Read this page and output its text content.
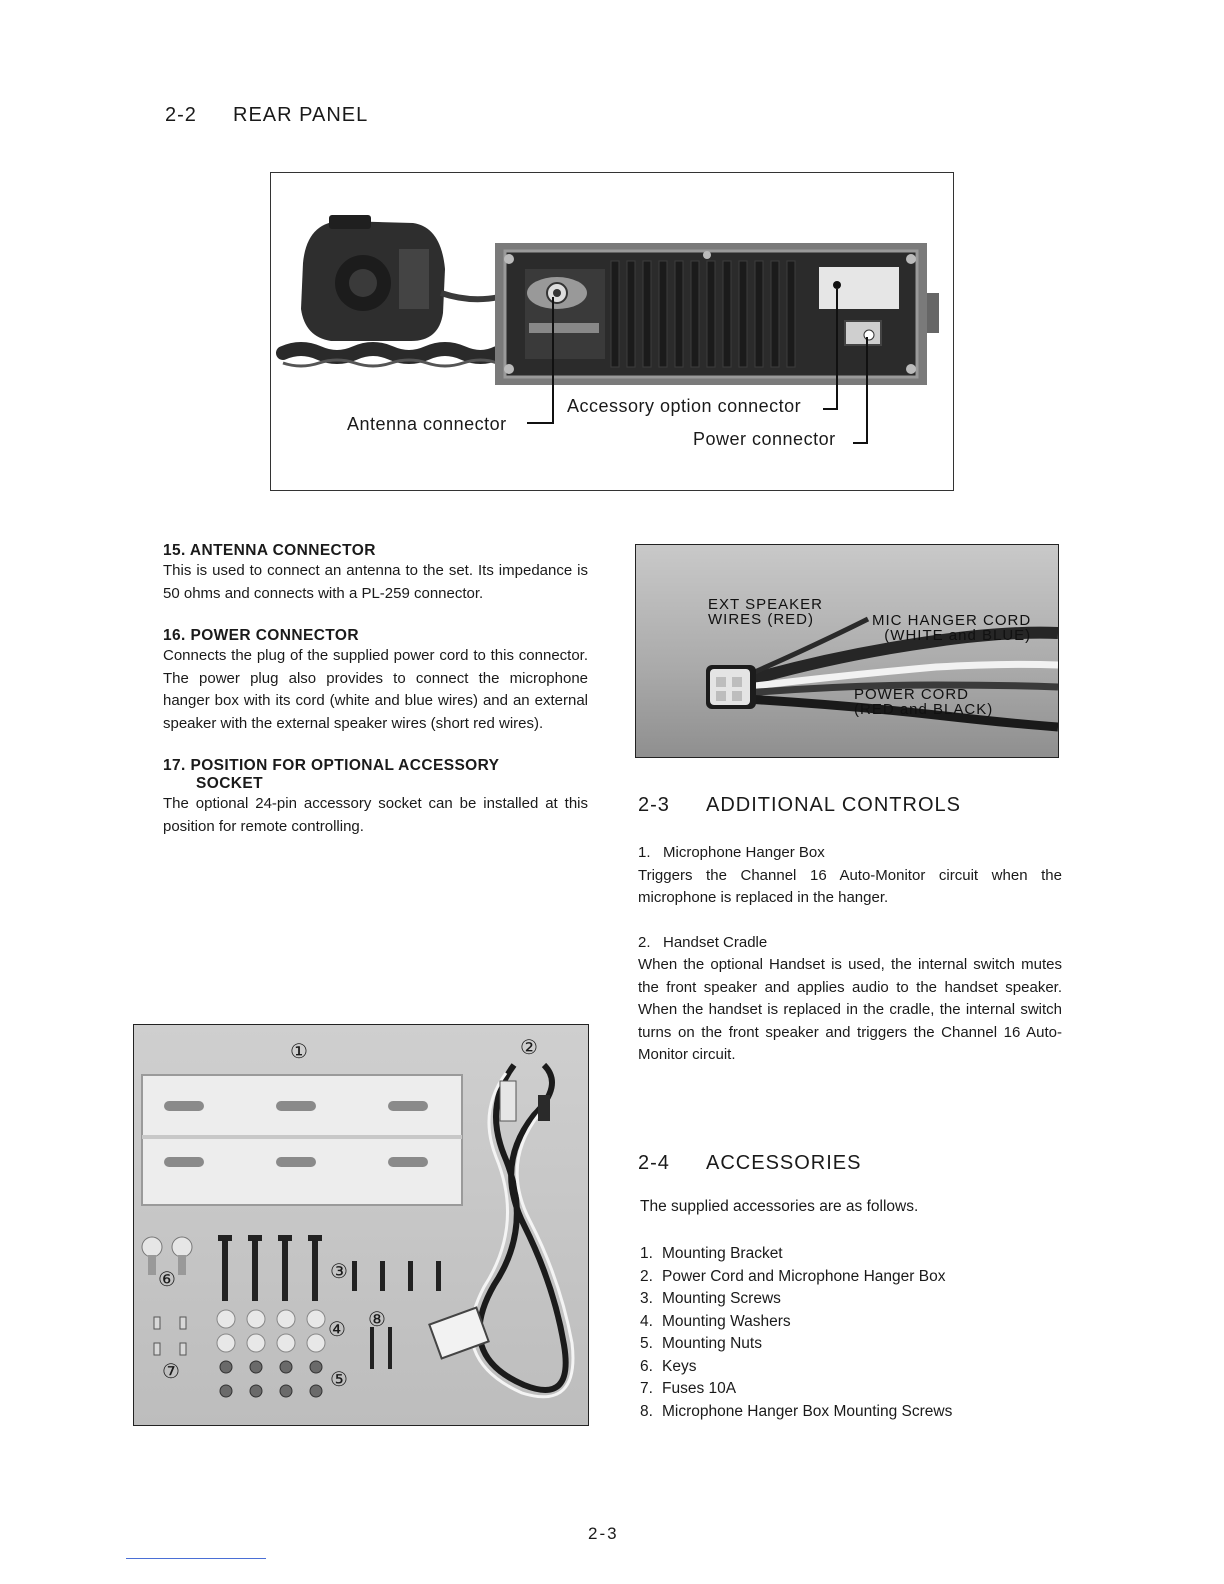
2-2 REAR PANEL
Antenna connector
Accessory option connector
Power connector
15. ANTENNA CONNECTOR
This is used to connect an antenna to the set. Its impedance is 50 ohms and connects with a PL-259 connector.
16. POWER CONNECTOR
Connects the plug of the supplied power cord to this connector. The power plug also provides to connect the microphone hanger box with its cord (white and blue wires) and an external speaker with the external speaker wires (short red wires).
17. POSITION FOR OPTIONAL ACCESSORY
SOCKET
The optional 24-pin accessory socket can be installed at this position for remote controlling.
EXT SPEAKER
WIRES (RED)	MIC HANGER CORD
(WHITE and BLUE)
POWER CORD
(RED and BLACK)
2-3 ADDITIONAL CONTROLS
1.   Microphone Hanger Box
Triggers the Channel 16 Auto-Monitor circuit when the microphone is replaced in the hanger.
2.   Handset Cradle
When the optional Handset is used, the internal switch mutes the front speaker and applies audio to the handset speaker. When the handset is replaced in the cradle, the internal switch turns on the front speaker and triggers the Channel 16 Auto-Monitor circuit.
①	②
③
④
⑤
⑥
⑦
⑧
2-4 ACCESSORIES
The supplied accessories are as follows.
1. Mounting Bracket
2. Power Cord and Microphone Hanger Box
3. Mounting Screws
4. Mounting Washers
5. Mounting Nuts
6. Keys
7. Fuses 10A
8. Microphone Hanger Box Mounting Screws
2-3
